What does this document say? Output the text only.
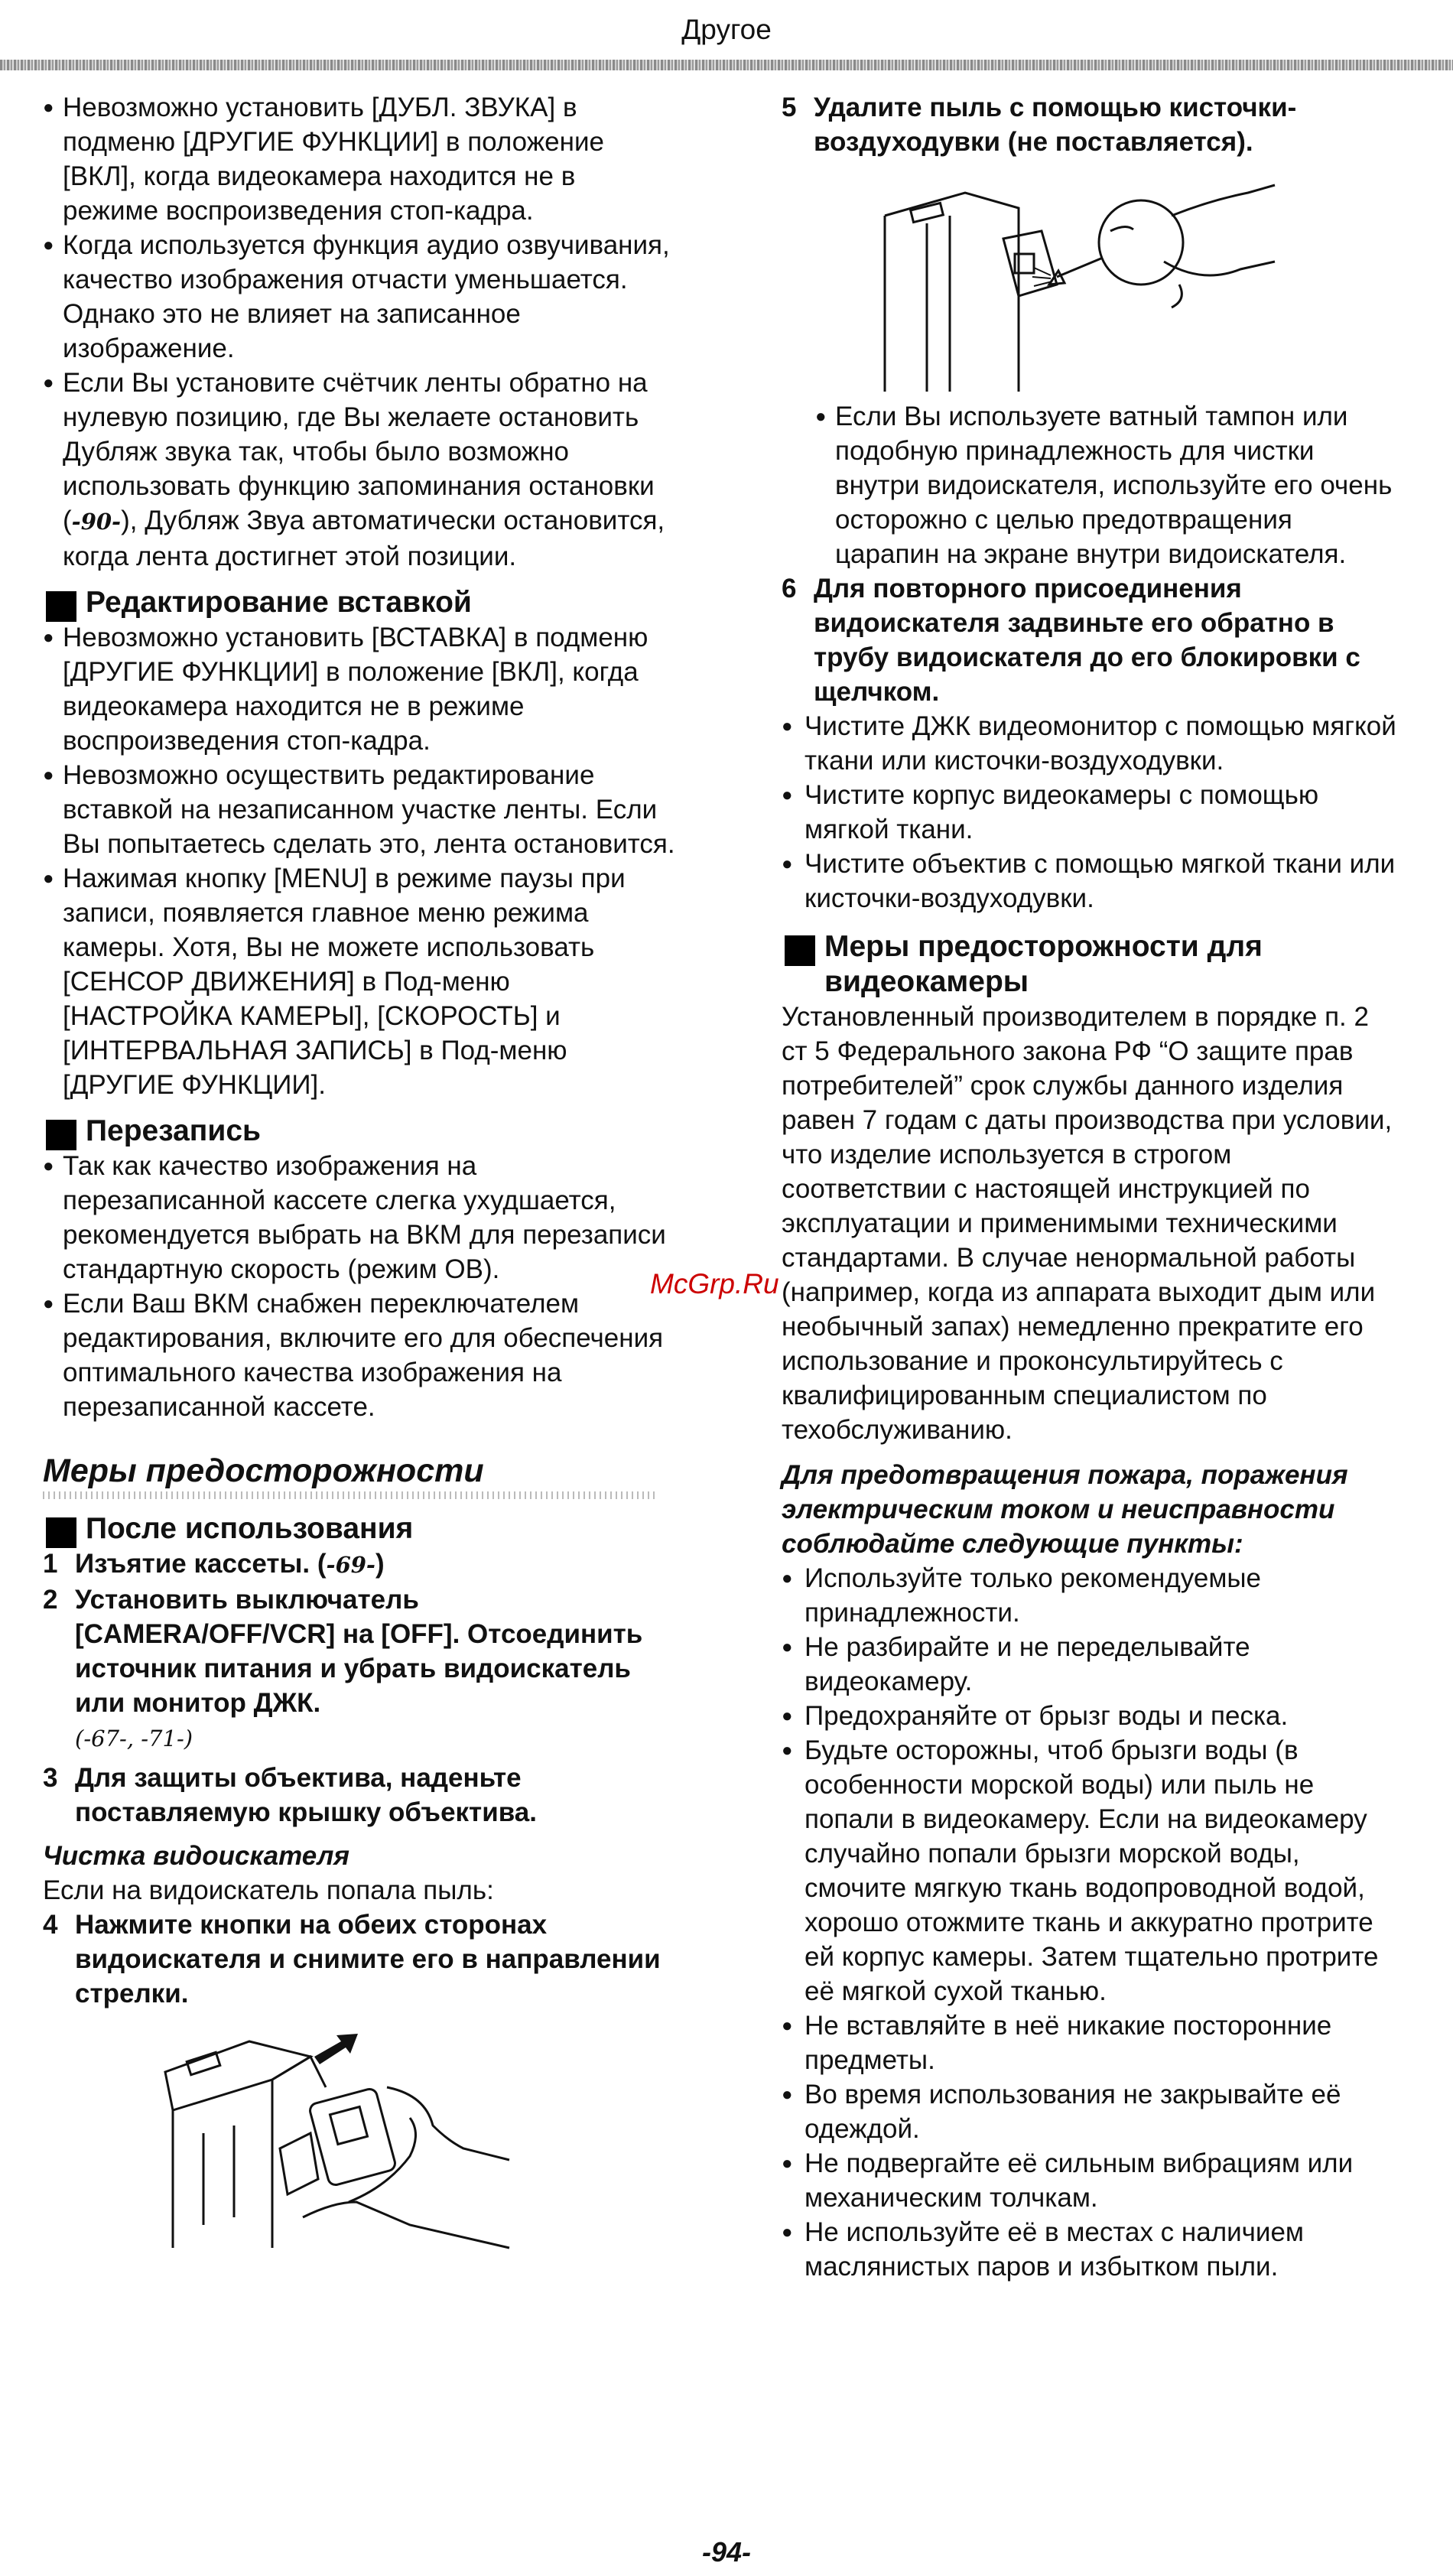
Другое

● Невозможно установить [ДУБЛ. ЗВУКА] в подменю [ДРУГИЕ ФУНКЦИИ] в положение [ВКЛ], когда видеокамера находится не в режиме воспроизведения стоп-кадра.

● Когда используется функция аудио озвучивания, качество изображения отчасти уменьшается. Однако это не влияет на записанное изображение.

● Если Вы установите счётчик ленты обратно на нулевую позицию, где Вы желаете остановить Дубляж звука так, чтобы было возможно использовать функцию запоминания остановки (-90-), Дубляж Звуа автоматически остановится, когда лента достигнет этой позиции.

Редактирование вставкой

● Невозможно установить [ВСТАВКА] в подменю [ДРУГИЕ ФУНКЦИИ] в положение [ВКЛ], когда видеокамера находится не в режиме воспроизведения стоп-кадра.

● Невозможно осуществить редактирование вставкой на незаписанном участке ленты. Если Вы попытаетесь сделать это, лента остановится.

● Нажимая кнопку [MENU] в режиме паузы при записи, появляется главное меню режима камеры. Хотя, Вы не можете использовать [СЕНСОР ДВИЖЕНИЯ] в Под-меню [НАСТРОЙКА КАМЕРЫ], [СКОРОСТЬ] и [ИНТЕРВАЛЬНАЯ ЗАПИСЬ] в Под-меню [ДРУГИЕ ФУНКЦИИ].

Перезапись

● Так как качество изображения на перезаписанной кассете слегка ухудшается, рекомендуется выбрать на ВКМ для перезаписи стандартную скорость (режим ОВ).

● Если Ваш ВКМ снабжен переключателем редактирования, включите его для обеспечения оптимального качества изображения на перезаписанной кассете.

Меры предосторожности

После использования

1 Изъятие кассеты. (-69-)

2 Установить выключатель [CAMERA/OFF/VCR] на [OFF]. Отсоединить источник питания и убрать видоискатель или монитор ДЖК.
(-67-, -71-)

3 Для защиты объектива, наденьте поставляемую крышку объектива.

Чистка видоискателя

Если на видоискатель попала пыль:

4 Нажмите кнопки на обеих сторонах видоискателя и снимите его в направлении стрелки.

5 Удалите пыль с помощью кисточки-воздуходувки (не поставляется).

● Если Вы используете ватный тампон или подобную принадлежность для чистки внутри видоискателя, используйте его очень осторожно с целью предотвращения царапин на экране внутри видоискателя.

6 Для повторного присоединения видоискателя задвиньте его обратно в трубу видоискателя до его блокировки с щелчком.

● Чистите ДЖК видеомонитор с помощью мягкой ткани или кисточки-воздуходувки.

● Чистите корпус видеокамеры с помощью мягкой ткани.

● Чистите объектив с помощью мягкой ткани или кисточки-воздуходувки.

Меры предосторожности для видеокамеры

Установленный производителем в порядке п. 2 ст 5 Федерального закона РФ “О защите прав потребителей” срок службы данного изделия равен 7 годам с даты производства при условии, что изделие используется в строгом соответствии с настоящей инструкцией по эксплуатации и применимыми техническими стандартами. В случае ненормальной работы (например, когда из аппарата выходит дым или необычный запах) немедленно прекратите его использование и проконсультируйтесь с квалифицированным специалистом по техобслуживанию.

Для предотвращения пожара, поражения электрическим током и неисправности соблюдайте следующие пункты:

● Используйте только рекомендуемые принадлежности.

● Не разбирайте и не переделывайте видеокамеру.

● Предохраняйте от брызг воды и песка.

● Будьте осторожны, чтоб брызги воды (в особенности морской воды) или пыль не попали в видеокамеру. Если на видеокамеру случайно попали брызги морской воды, смочите мягкую ткань водопроводной водой, хорошо отожмите ткань и аккуратно протрите ей корпус камеры. Затем тщательно протрите её мягкой сухой тканью.

● Не вставляйте в неё никакие посторонние предметы.

● Во время использования не закрывайте её одеждой.

● Не подвергайте её сильным вибрациям или механическим толчкам.

● Не используйте её в местах с наличием маслянистых паров и избытком пыли.

McGrp.Ru
-94-
